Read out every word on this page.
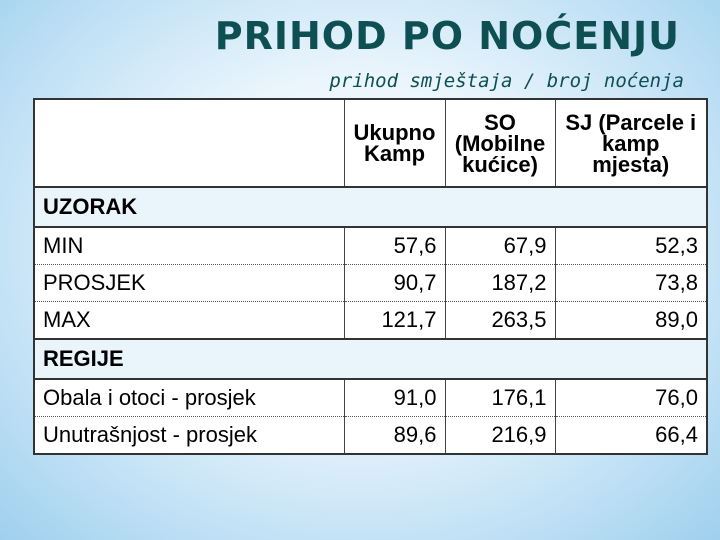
PRIHOD PO NOĆENJU
prihod smještaja / broj noćenja
	Ukupno Kamp	SO (Mobilne kućice)	SJ (Parcele i kamp mjesta)
UZORAK			
MIN	57,6	67,9	52,3
PROSJEK	90,7	187,2	73,8
MAX	121,7	263,5	89,0
REGIJE			
Obala i otoci - prosjek	91,0	176,1	76,0
Unutrašnjost - prosjek	89,6	216,9	66,4
